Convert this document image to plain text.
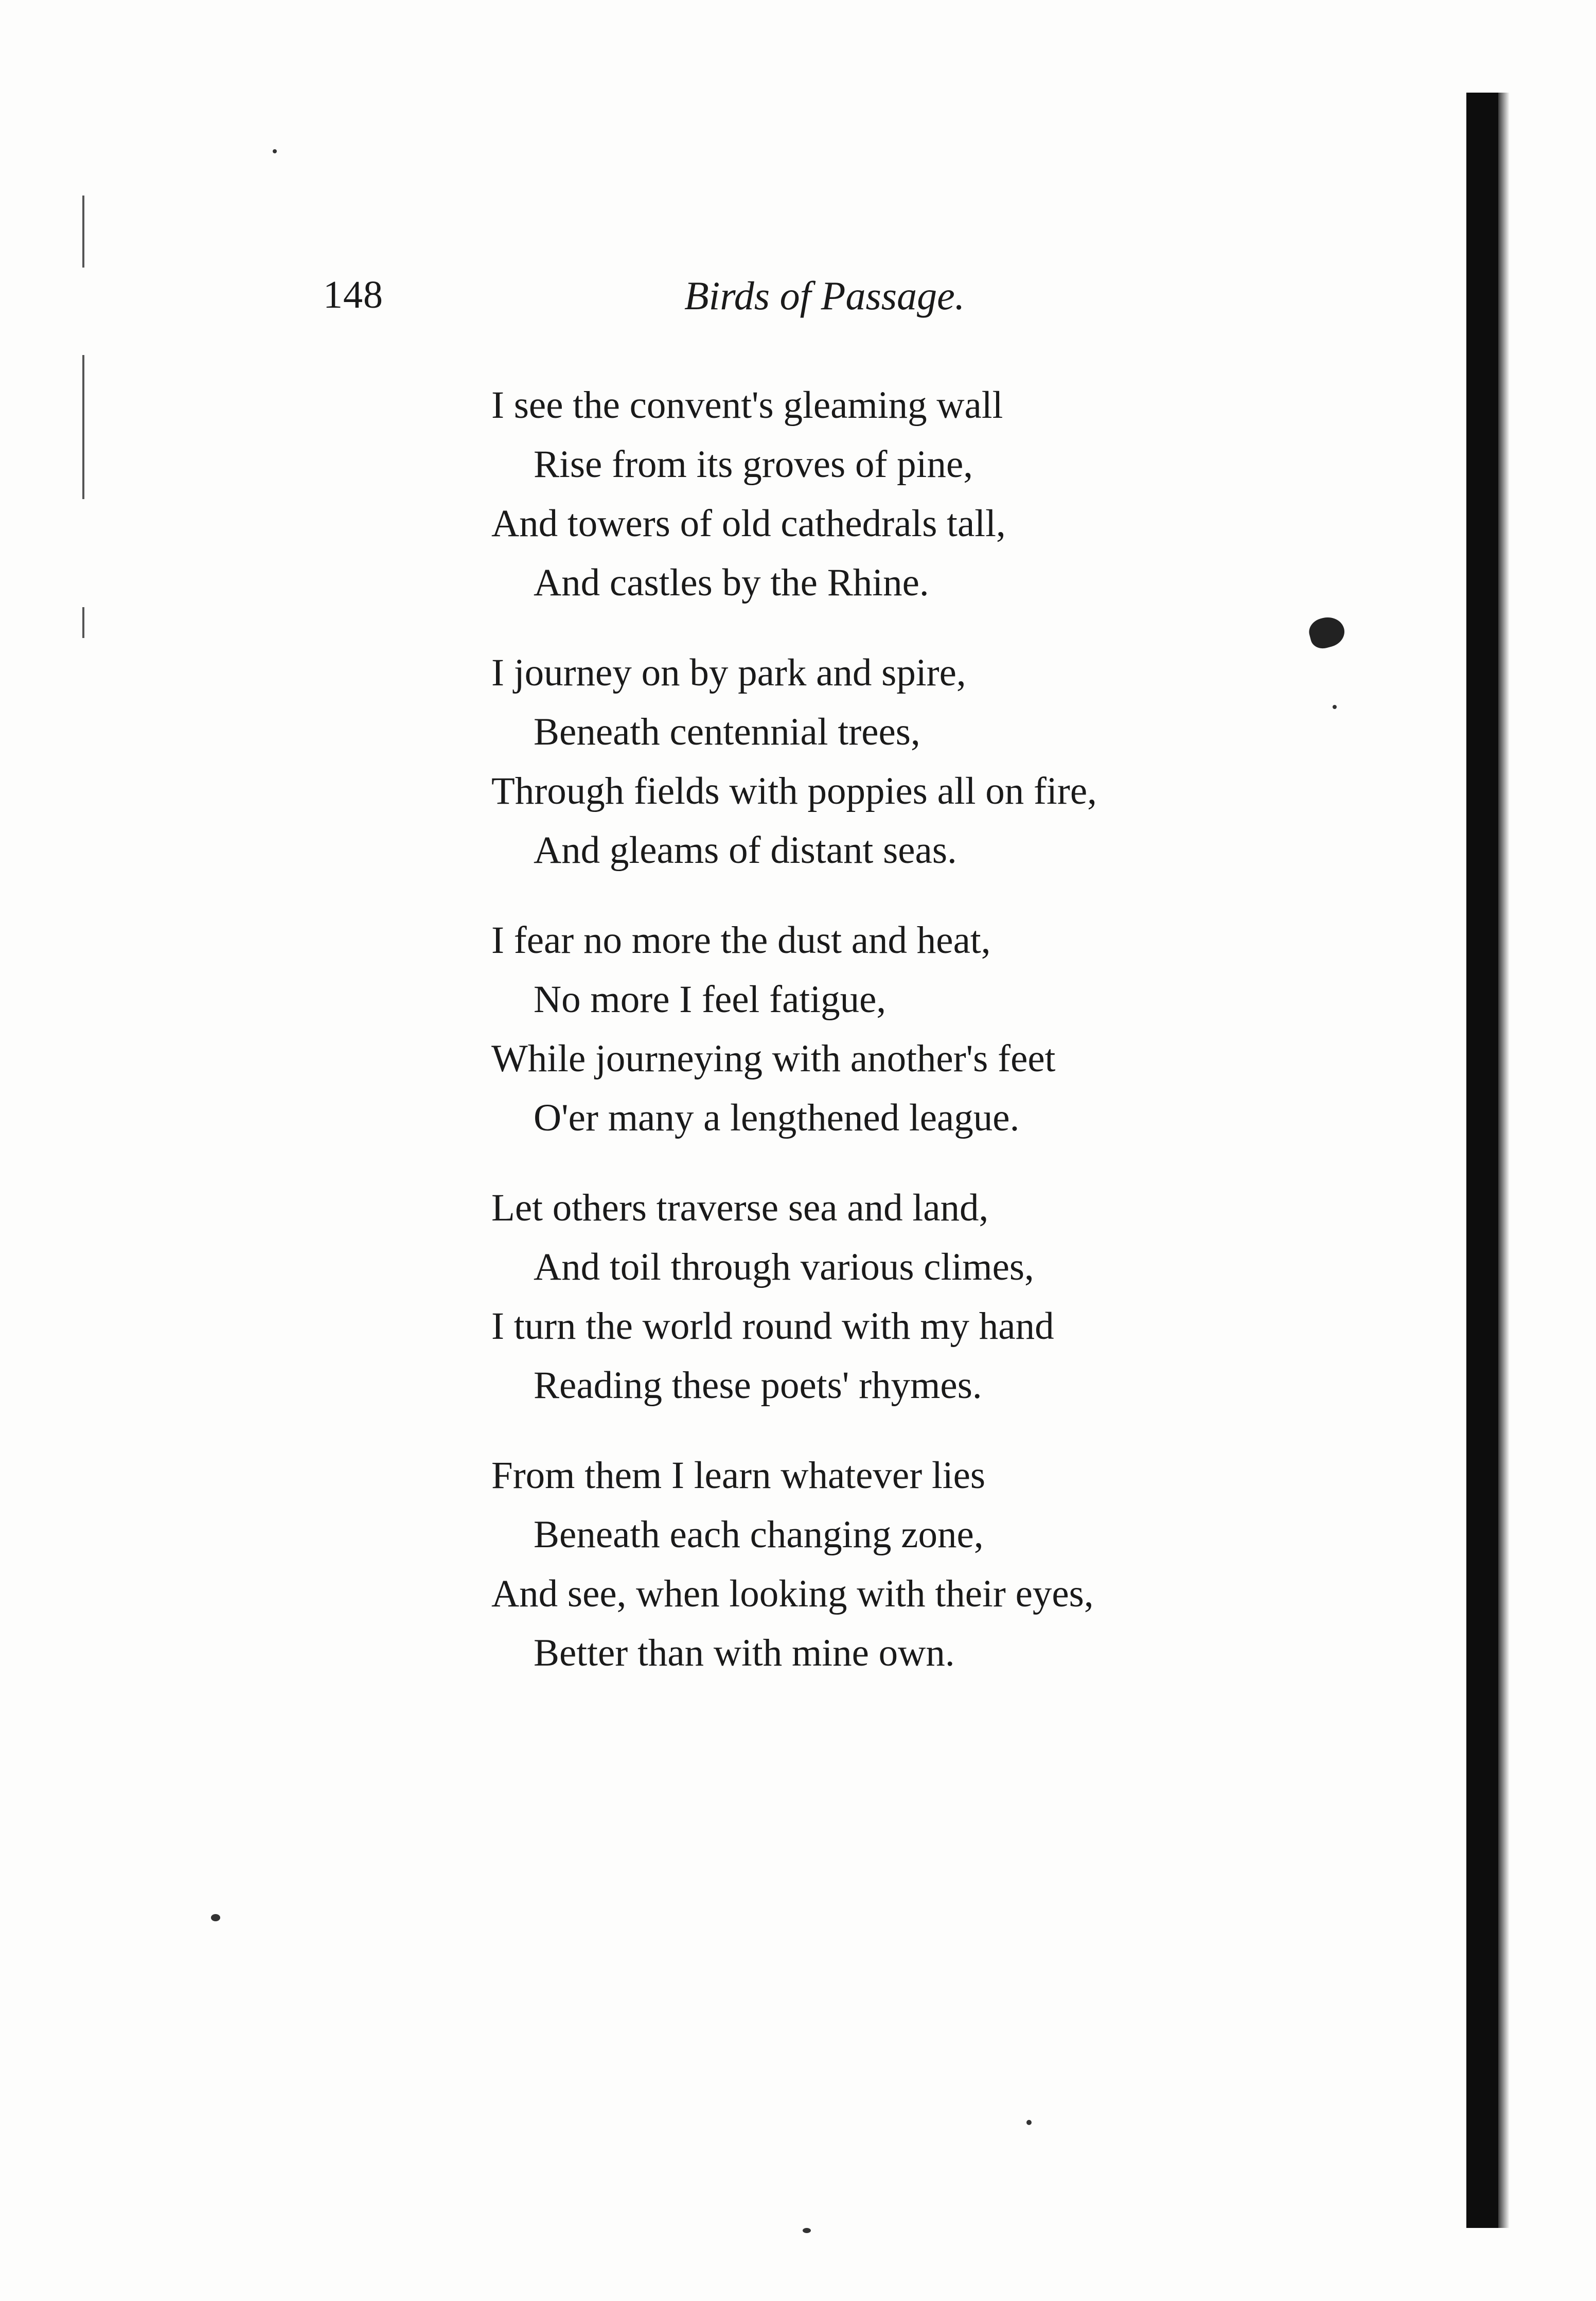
148	Birds of Passage.
I see the convent's gleaming wall
Rise from its groves of pine,
And towers of old cathedrals tall,
And castles by the Rhine.
I journey on by park and spire,
Beneath centennial trees,
Through fields with poppies all on fire,
And gleams of distant seas.
I fear no more the dust and heat,
No more I feel fatigue,
While journeying with another's feet
O'er many a lengthened league.
Let others traverse sea and land,
And toil through various climes,
I turn the world round with my hand
Reading these poets' rhymes.
From them I learn whatever lies
Beneath each changing zone,
And see, when looking with their eyes,
Better than with mine own.
